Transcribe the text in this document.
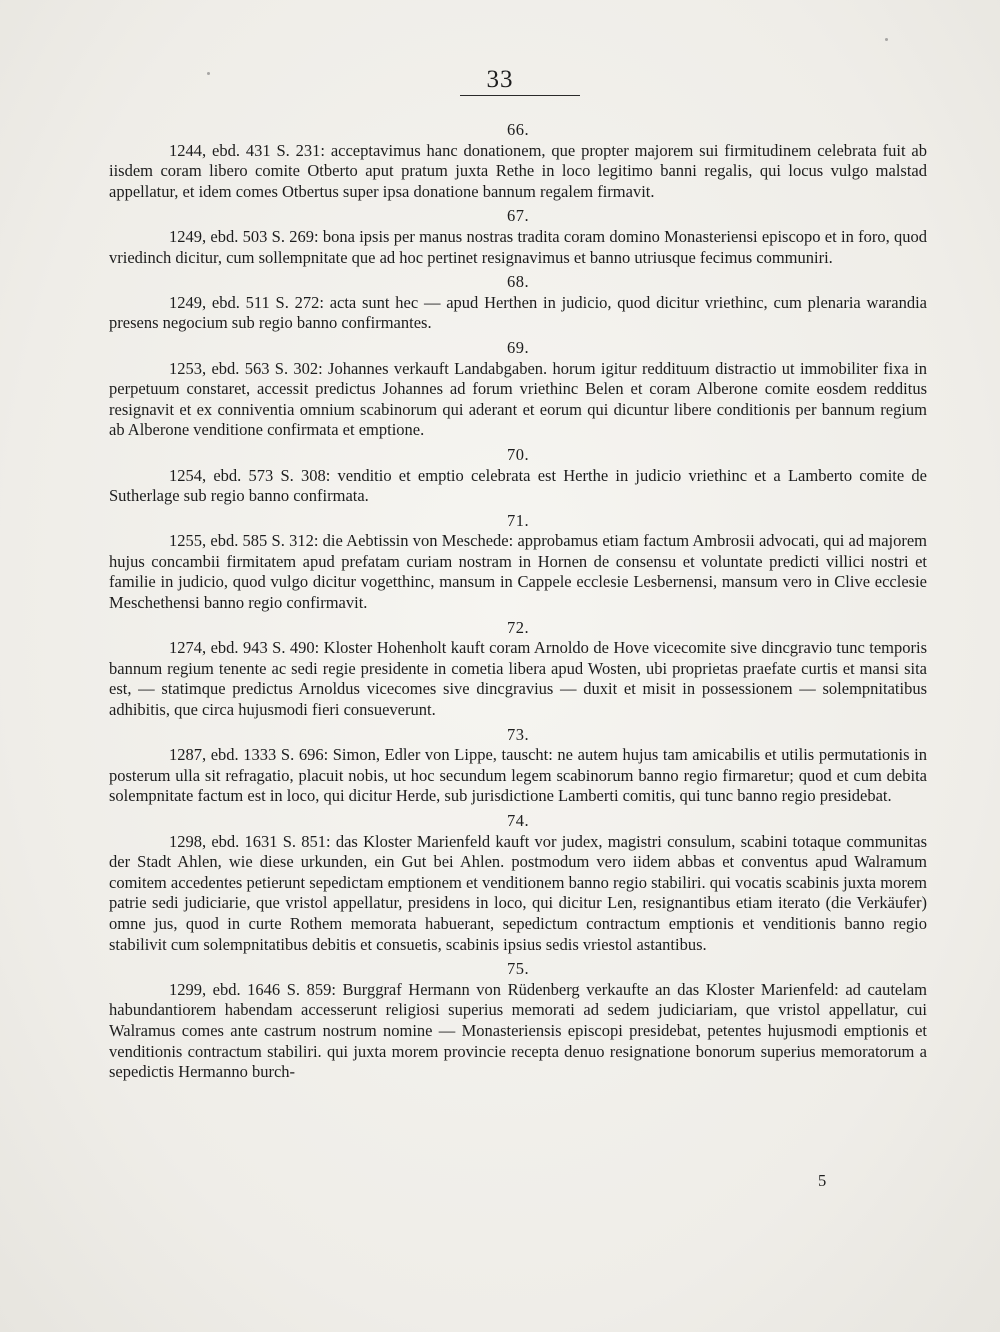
33

66.

1244, ebd. 431 S. 231: acceptavimus hanc donationem, que propter majorem sui firmitudinem celebrata fuit ab iisdem coram libero comite Otberto aput pratum juxta Rethe in loco legitimo banni regalis, qui locus vulgo malstad appellatur, et idem comes Otbertus super ipsa donatione bannum regalem firmavit.

67.

1249, ebd. 503 S. 269: bona ipsis per manus nostras tradita coram domino Monasteriensi episcopo et in foro, quod vriedinch dicitur, cum sollempnitate que ad hoc pertinet resignavimus et banno utriusque fecimus communiri.

68.

1249, ebd. 511 S. 272: acta sunt hec — apud Herthen in judicio, quod dicitur vriethinc, cum plenaria warandia presens negocium sub regio banno confirmantes.

69.

1253, ebd. 563 S. 302: Johannes verkauft Landabgaben. horum igitur reddituum distractio ut immobiliter fixa in perpetuum constaret, accessit predictus Johannes ad forum vriethinc Belen et coram Alberone comite eosdem redditus resignavit et ex conniventia omnium scabinorum qui aderant et eorum qui dicuntur libere conditionis per bannum regium ab Alberone venditione confirmata et emptione.

70.

1254, ebd. 573 S. 308: venditio et emptio celebrata est Herthe in judicio vriethinc et a Lamberto comite de Sutherlage sub regio banno confirmata.

71.

1255, ebd. 585 S. 312: die Aebtissin von Meschede: approbamus etiam factum Ambrosii advocati, qui ad majorem hujus concambii firmitatem apud prefatam curiam nostram in Hornen de consensu et voluntate predicti villici nostri et familie in judicio, quod vulgo dicitur vogetthinc, mansum in Cappele ecclesie Lesbernensi, mansum vero in Clive ecclesie Meschethensi banno regio confirmavit.

72.

1274, ebd. 943 S. 490: Kloster Hohenholt kauft coram Arnoldo de Hove vicecomite sive dincgravio tunc temporis bannum regium tenente ac sedi regie presidente in cometia libera apud Wosten, ubi proprietas praefate curtis et mansi sita est, — statimque predictus Arnoldus vicecomes sive dincgravius — duxit et misit in possessionem — solempnitatibus adhibitis, que circa hujusmodi fieri consueverunt.

73.

1287, ebd. 1333 S. 696: Simon, Edler von Lippe, tauscht: ne autem hujus tam amicabilis et utilis permutationis in posterum ulla sit refragatio, placuit nobis, ut hoc secundum legem scabinorum banno regio firmaretur; quod et cum debita solempnitate factum est in loco, qui dicitur Herde, sub jurisdictione Lamberti comitis, qui tunc banno regio presidebat.

74.

1298, ebd. 1631 S. 851: das Kloster Marienfeld kauft vor judex, magistri consulum, scabini totaque communitas der Stadt Ahlen, wie diese urkunden, ein Gut bei Ahlen. postmodum vero iidem abbas et conventus apud Walramum comitem accedentes petierunt sepedictam emptionem et venditionem banno regio stabiliri. qui vocatis scabinis juxta morem patrie sedi judiciarie, que vristol appellatur, presidens in loco, qui dicitur Len, resignantibus etiam iterato (die Verkäufer) omne jus, quod in curte Rothem memorata habuerant, sepedictum contractum emptionis et venditionis banno regio stabilivit cum solempnitatibus debitis et consuetis, scabinis ipsius sedis vriestol astantibus.

75.

1299, ebd. 1646 S. 859: Burggraf Hermann von Rüdenberg verkaufte an das Kloster Marienfeld: ad cautelam habundantiorem habendam accesserunt religiosi superius memorati ad sedem judiciariam, que vristol appellatur, cui Walramus comes ante castrum nostrum nomine — Monasteriensis episcopi presidebat, petentes hujusmodi emptionis et venditionis contractum stabiliri. qui juxta morem provincie recepta denuo resignatione bonorum superius memoratorum a sepedictis Hermanno burch-

5
